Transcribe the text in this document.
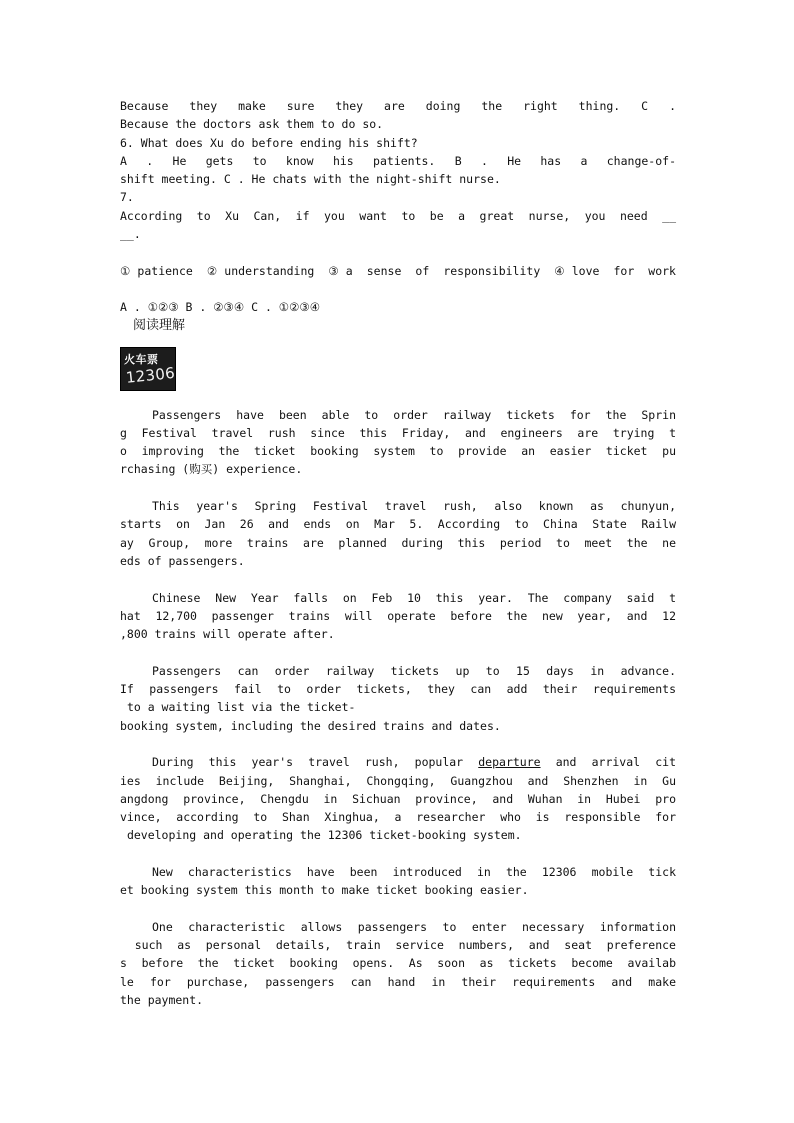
Because they make sure they are doing the right thing. C .
Because the doctors ask them to do so.
6. What does Xu do before ending his shift?
A . He gets to know his patients. B . He has a change-of-
shift meeting. C . He chats with the night-shift nurse.
7.
According to Xu Can, if you want to be a great nurse, you need __
__.
①patience ②understanding ③a sense of responsibility ④love for work
A . ①②③ B . ②③④ C . ①②③④
阅读理解
火车票
12306
Passengers have been able to order railway tickets for the Sprin
g Festival travel rush since this Friday, and engineers are trying t
o improving the ticket booking system to provide an easier ticket pu
rchasing (购买) experience.
This year's Spring Festival travel rush, also known as chunyun,
starts on Jan 26 and ends on Mar 5. According to China State Railw
ay Group, more trains are planned during this period to meet the ne
eds of passengers.
Chinese New Year falls on Feb 10 this year. The company said t
hat 12,700 passenger trains will operate before the new year, and 12
,800 trains will operate after.
Passengers can order railway tickets up to 15 days in advance.
If passengers fail to order tickets, they can add their requirements
to a waiting list via the ticket-
booking system, including the desired trains and dates.
During this year's travel rush, popular departure and arrival cit
ies include Beijing, Shanghai, Chongqing, Guangzhou and Shenzhen in Gu
angdong province, Chengdu in Sichuan province, and Wuhan in Hubei pro
vince, according to Shan Xinghua, a researcher who is responsible for
developing and operating the 12306 ticket-booking system.
New characteristics have been introduced in the 12306 mobile tick
et booking system this month to make ticket booking easier.
One characteristic allows passengers to enter necessary information
such as personal details, train service numbers, and seat preference
s before the ticket booking opens. As soon as tickets become availab
le for purchase, passengers can hand in their requirements and make
the payment.
